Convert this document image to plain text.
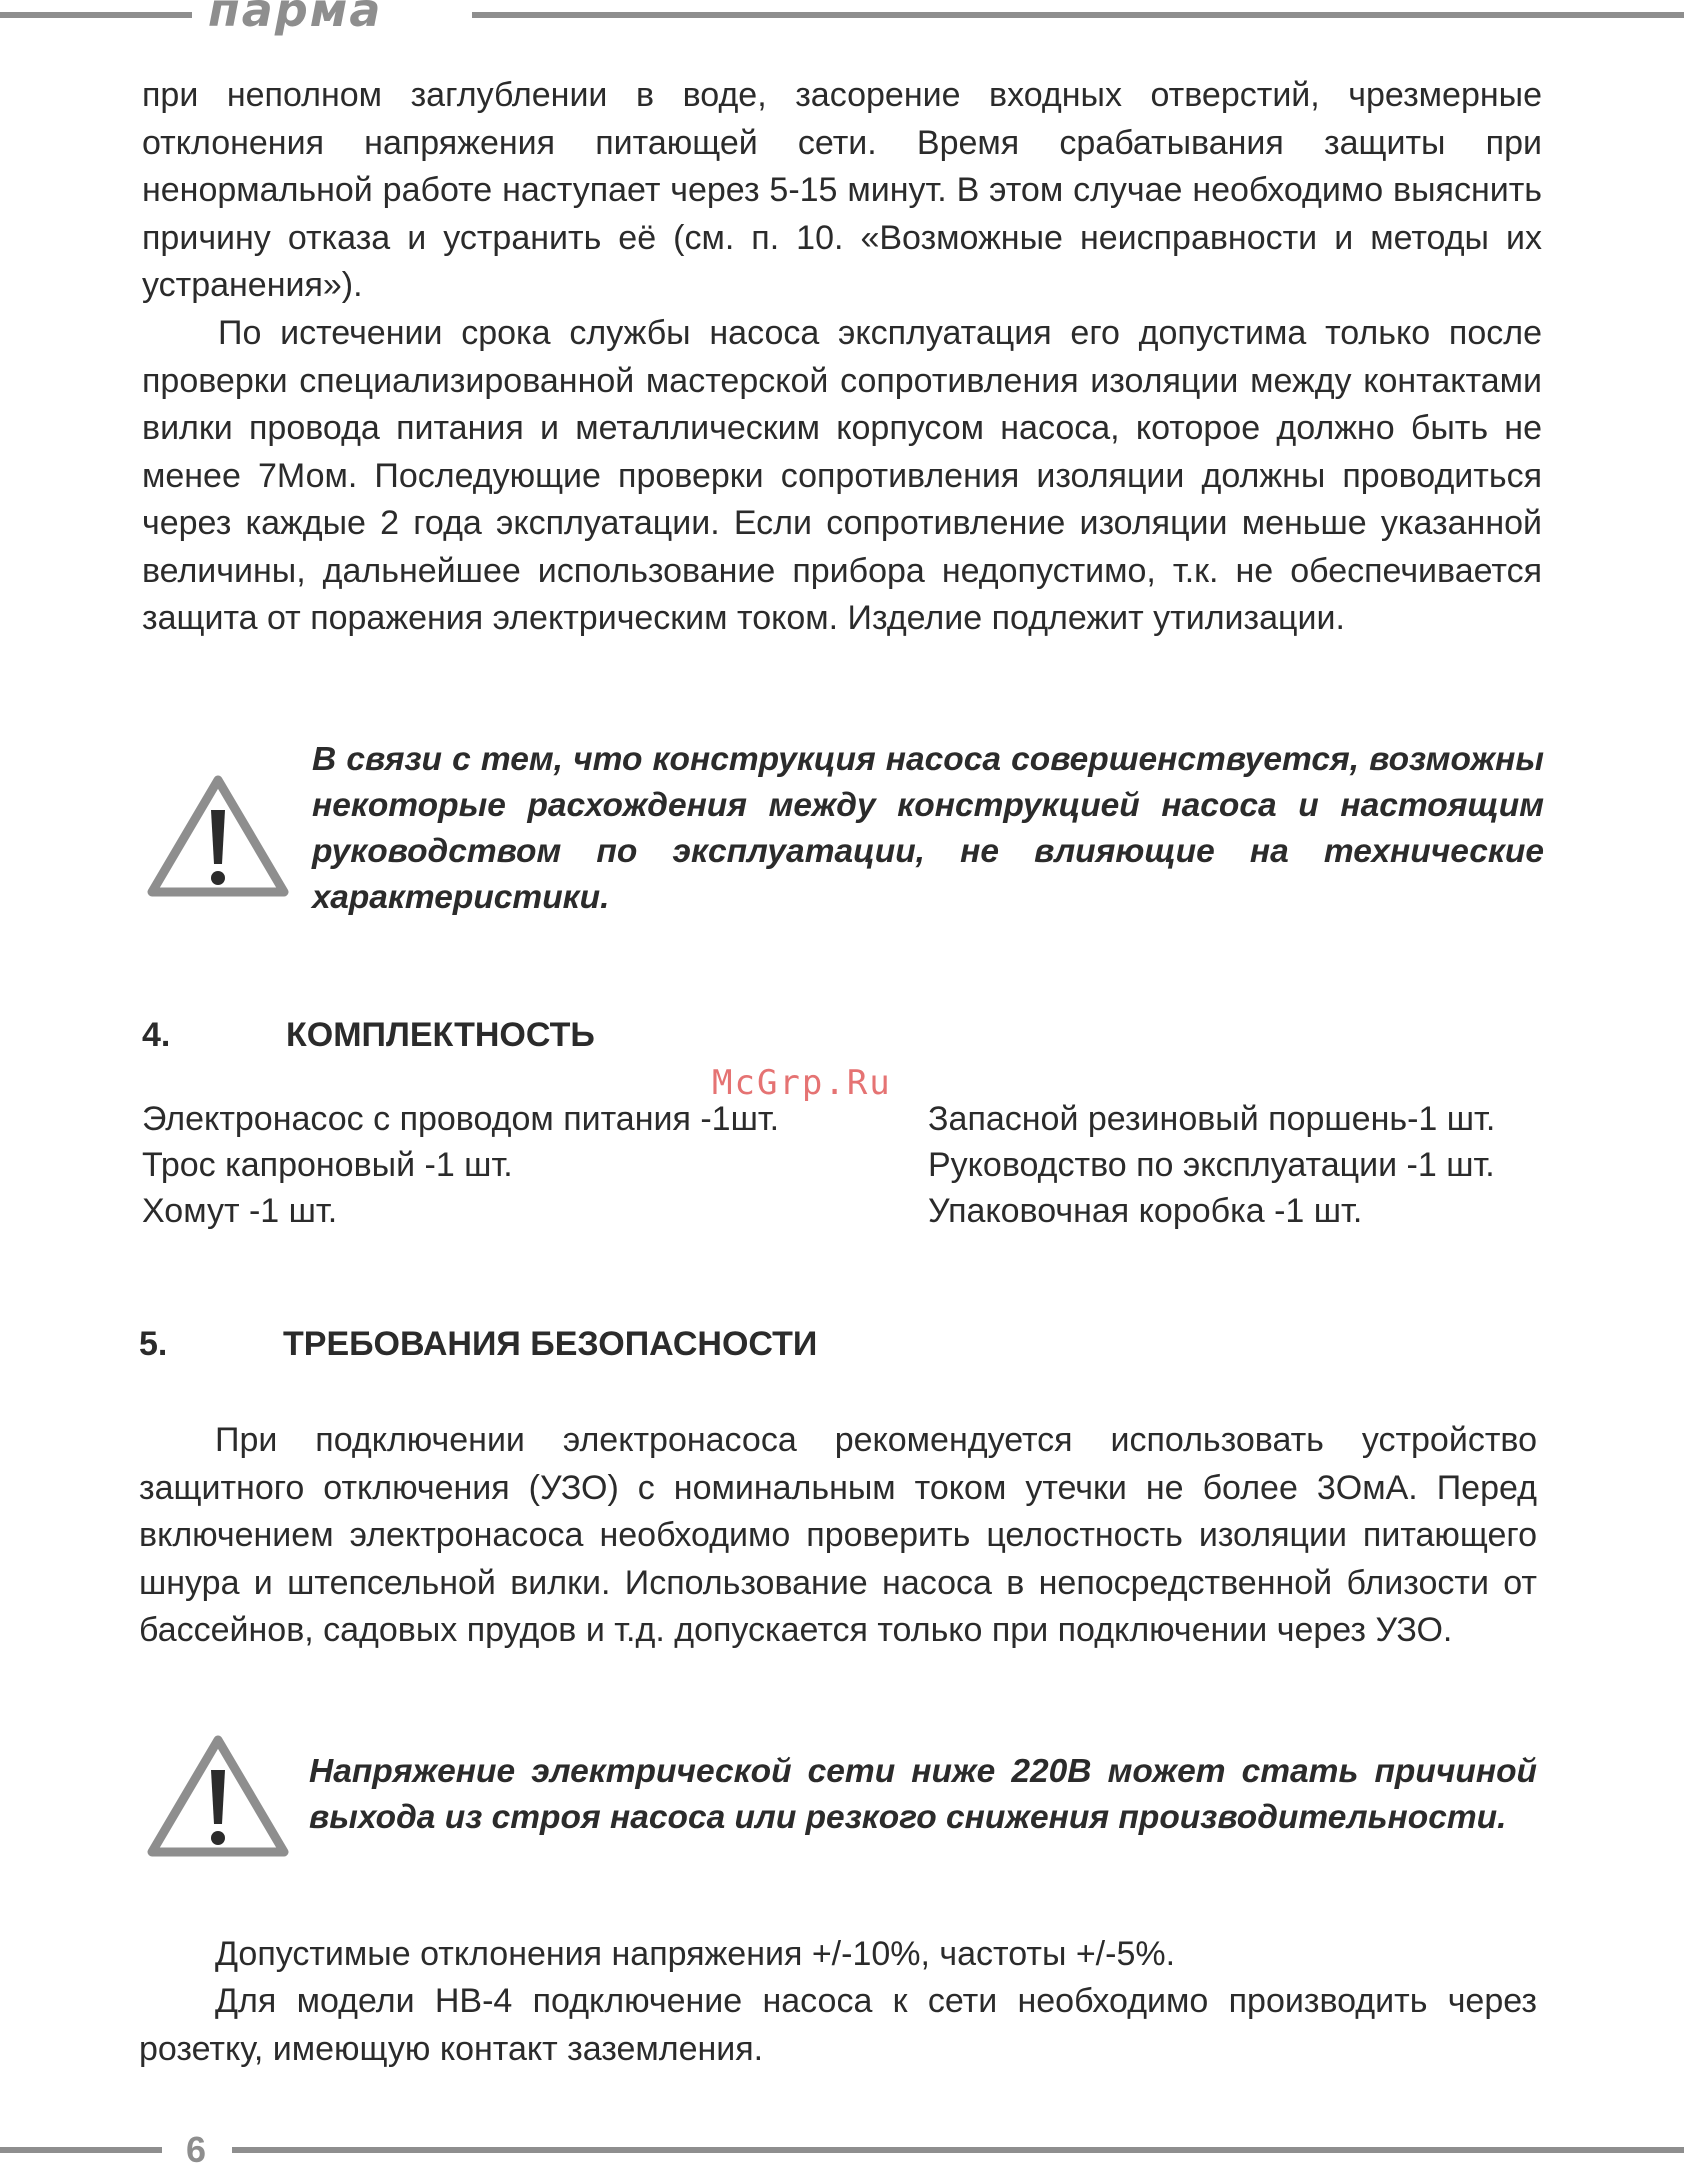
парма
при неполном заглублении в воде, засорение входных отверстий, чрезмерные отклонения напряжения питающей сети. Время срабатывания защиты при ненормальной работе наступает через 5-15 минут. В этом случае необходимо выяснить причину отказа и устранить её (см. п. 10. «Возможные неисправности и методы их устранения»).
По истечении срока службы насоса эксплуатация его допустима только после проверки специализированной мастерской сопротивления изоляции между контактами вилки провода питания и металлическим корпусом насоса, которое должно быть не менее 7Мом. Последующие проверки сопротивления изоляции должны проводиться через каждые 2 года эксплуатации. Если сопротивление изоляции меньше указанной величины, дальнейшее использование прибора недопустимо, т.к. не обеспечивается защита от поражения электрическим током. Изделие подлежит утилизации.
В связи с тем, что конструкция насоса совершенствуется, возможны некоторые расхождения между конструкцией насоса и настоящим руководством по эксплуатации, не влияющие на технические характеристики.
4.	КОМПЛЕКТНОСТЬ
McGrp.Ru
Электронасос с проводом питания -1шт.
Трос капроновый -1 шт.
Хомут -1 шт.
Запасной резиновый поршень-1 шт.
Руководство по эксплуатации -1 шт.
Упаковочная коробка -1 шт.
5.	ТРЕБОВАНИЯ БЕЗОПАСНОСТИ
При подключении электронасоса рекомендуется использовать устройство защитного отключения (УЗО) с номинальным током утечки не более 3ОмА. Перед включением электронасоса необходимо проверить целостность изоляции питающего шнура и штепсельной вилки. Использование насоса в непосредственной близости от бассейнов, садовых прудов и т.д. допускается только при подключении через УЗО.
Напряжение электрической сети ниже 220В может стать причиной выхода из строя насоса или резкого снижения производительности.
Допустимые отклонения напряжения +/-10%, частоты +/-5%.
Для модели НВ-4 подключение насоса к сети необходимо производить через розетку, имеющую контакт заземления.
6
